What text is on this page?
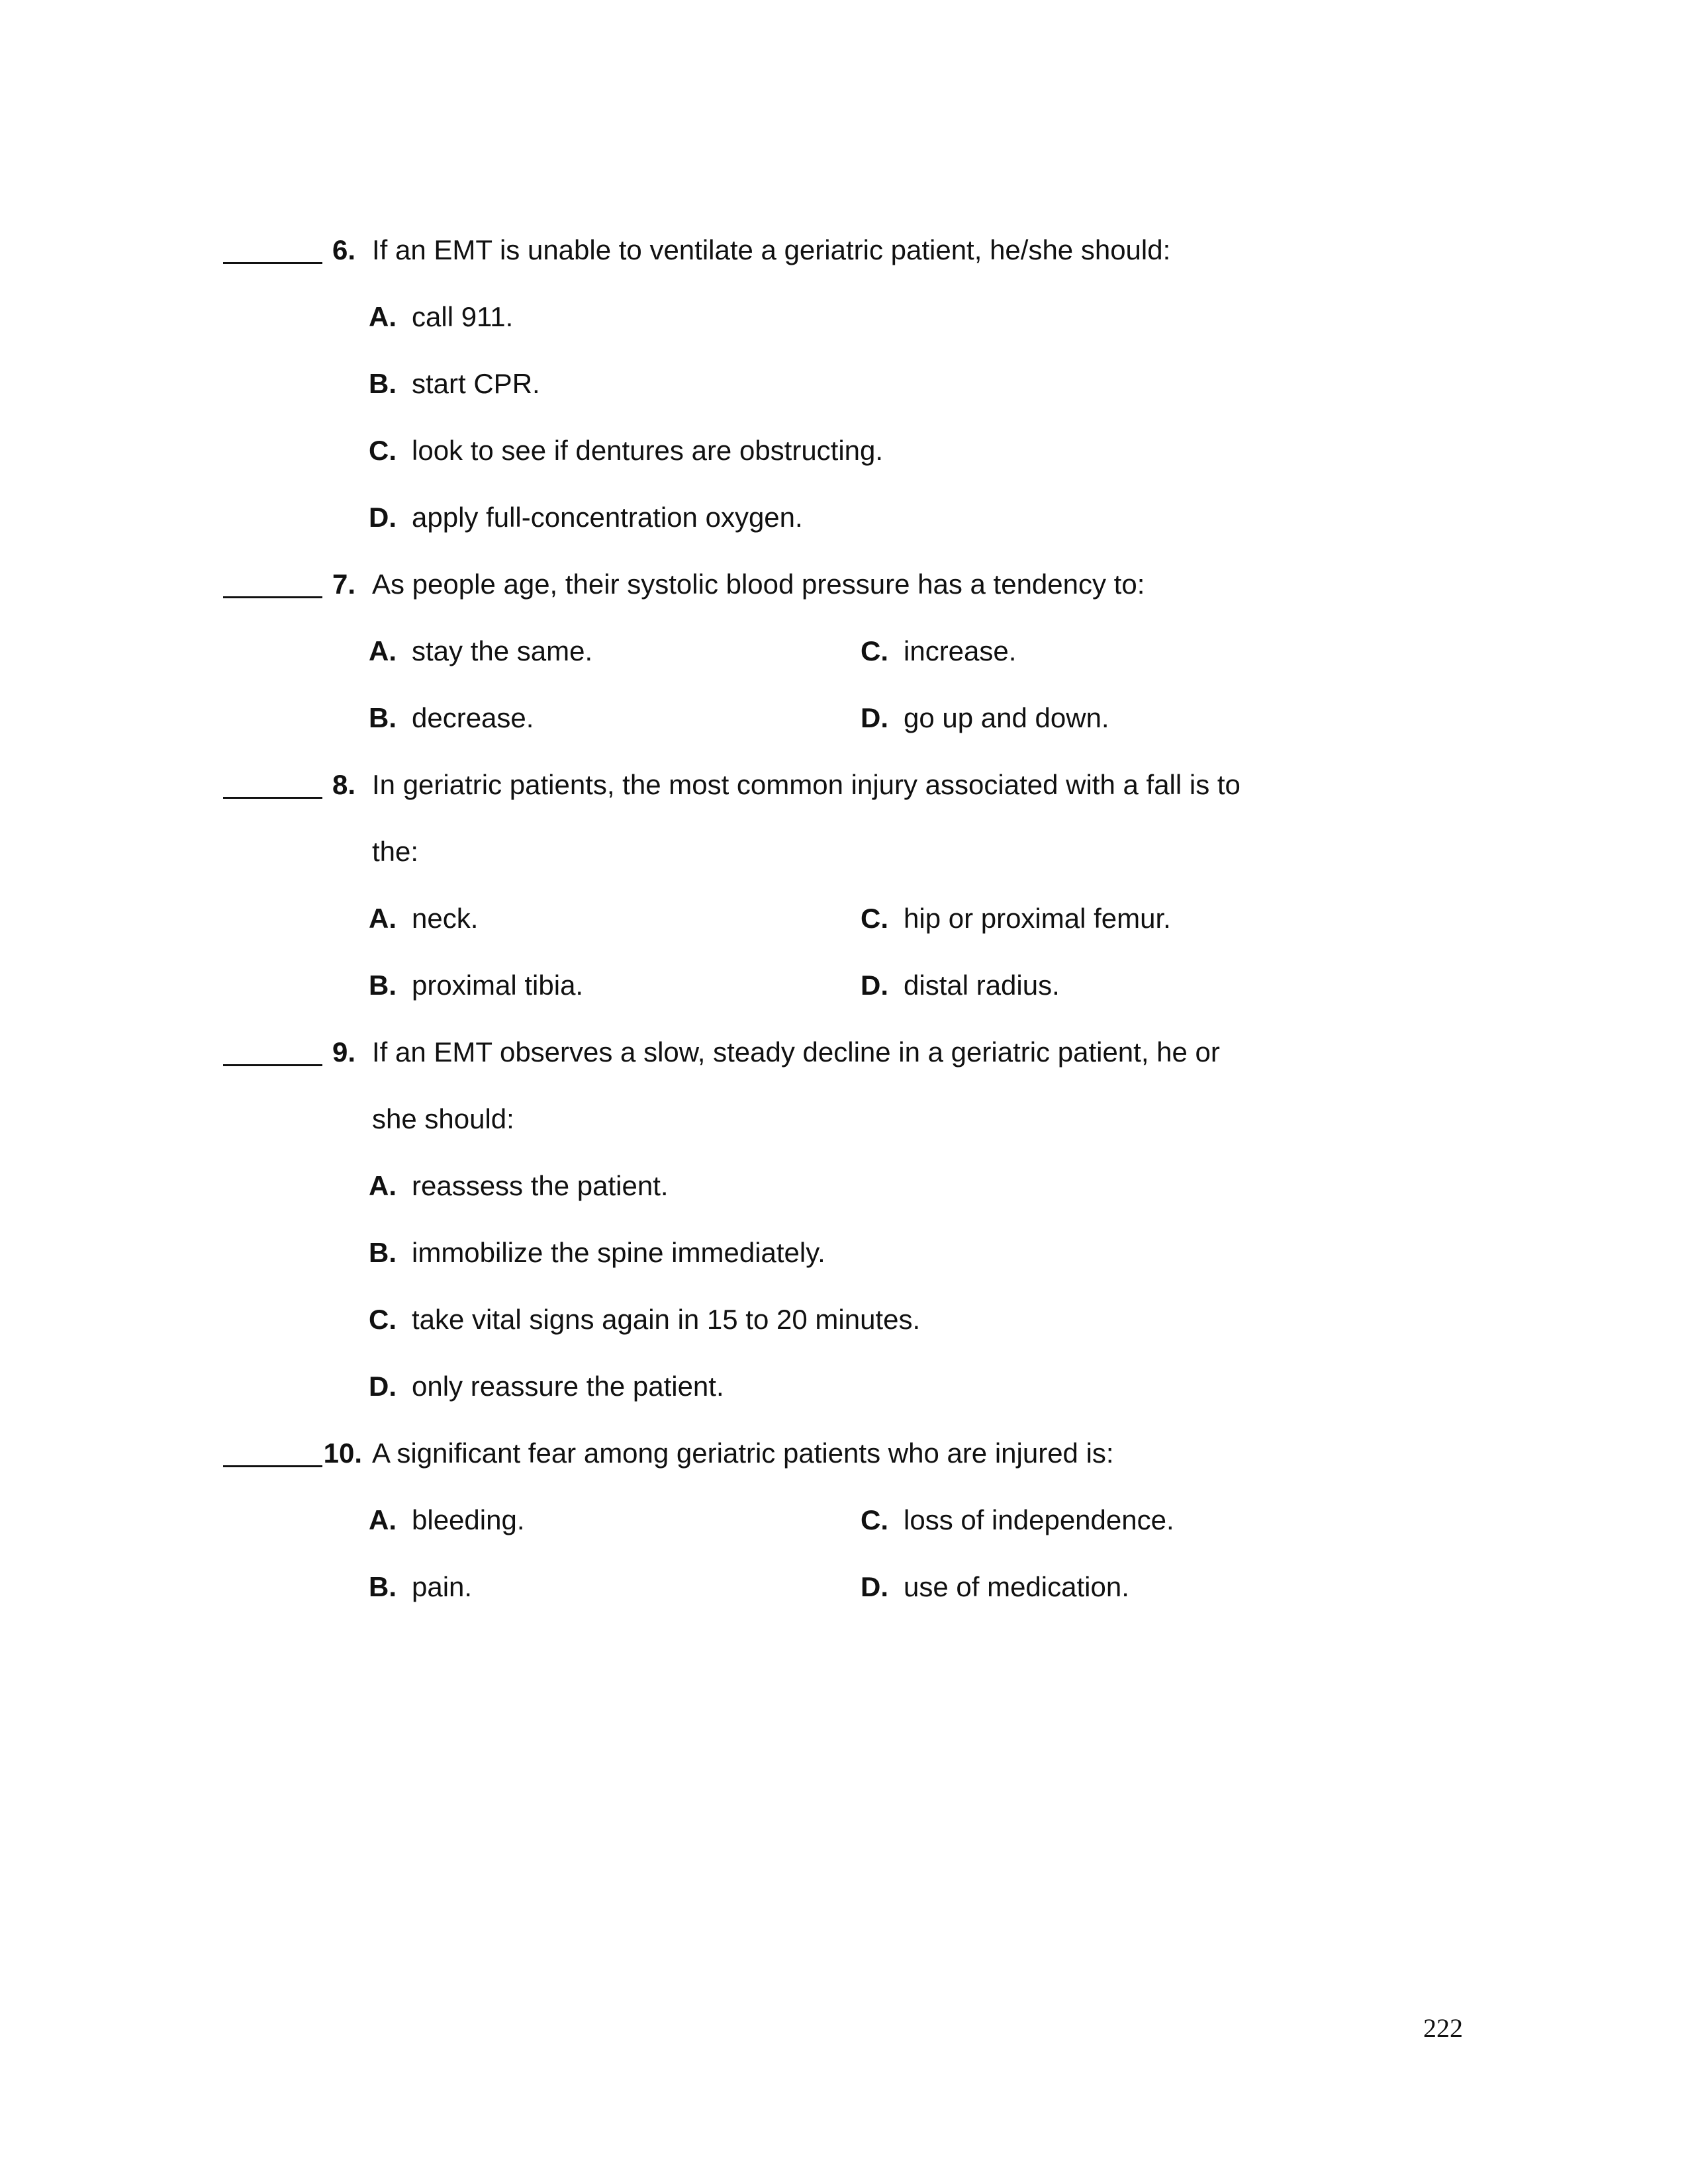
6. If an EMT is unable to ventilate a geriatric patient, he/she should:
A. call 911.
B. start CPR.
C. look to see if dentures are obstructing.
D. apply full-concentration oxygen.
7. As people age, their systolic blood pressure has a tendency to:
A. stay the same.
B. decrease.
C. increase.
D. go up and down.
8. In geriatric patients, the most common injury associated with a fall is to
the:
A. neck.
B. proximal tibia.
C. hip or proximal femur.
D. distal radius.
9. If an EMT observes a slow, steady decline in a geriatric patient, he or
she should:
A. reassess the patient.
B. immobilize the spine immediately.
C. take vital signs again in 15 to 20 minutes.
D. only reassure the patient.
10. A significant fear among geriatric patients who are injured is:
A. bleeding.
B. pain.
C. loss of independence.
D. use of medication.
222
